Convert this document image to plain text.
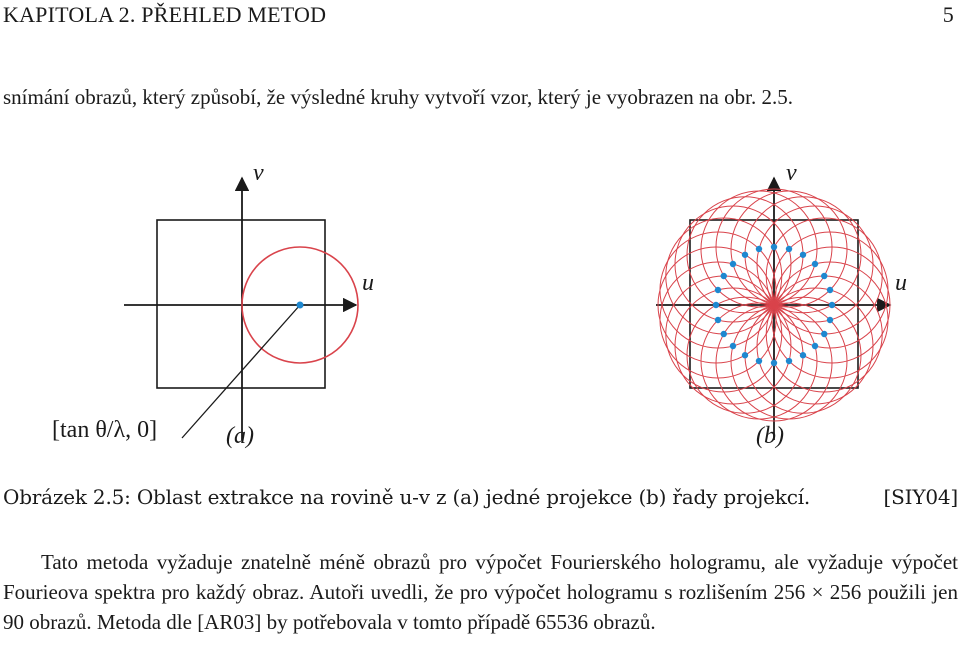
KAPITOLA 2. PŘEHLED METOD	5
snímání obrazů, který způsobí, že výsledné kruhy vytvoří vzor, který je vyobrazen na obr. 2.5.
v
u
[tan θ/λ, 0]	(a)
v
u
(b)
Obrázek 2.5: Oblast extrakce na rovině u-v z (a) jedné projekce (b) řady projekcí.	[SIY04]
Tato metoda vyžaduje znatelně méně obrazů pro výpočet Fourierského hologramu, ale vyžaduje výpočet Fourieova spektra pro každý obraz. Autoři uvedli, že pro výpočet hologramu s rozlišením 256 × 256 použili jen 90 obrazů. Metoda dle [AR03] by potřebovala v tomto případě 65536 obrazů.
